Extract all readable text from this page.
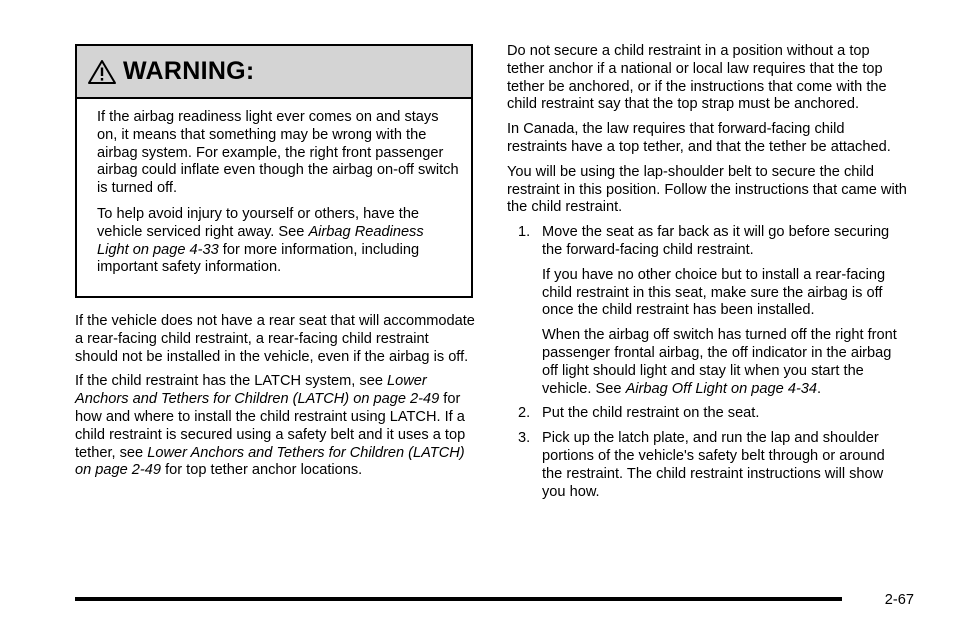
WARNING:

If the airbag readiness light ever comes on and stays on, it means that something may be wrong with the airbag system. For example, the right front passenger airbag could inflate even though the airbag on-off switch is turned off.

To help avoid injury to yourself or others, have the vehicle serviced right away. See Airbag Readiness Light on page 4-33 for more information, including important safety information.

If the vehicle does not have a rear seat that will accommodate a rear-facing child restraint, a rear-facing child restraint should not be installed in the vehicle, even if the airbag is off.

If the child restraint has the LATCH system, see Lower Anchors and Tethers for Children (LATCH) on page 2-49 for how and where to install the child restraint using LATCH. If a child restraint is secured using a safety belt and it uses a top tether, see Lower Anchors and Tethers for Children (LATCH) on page 2-49 for top tether anchor locations.

Do not secure a child restraint in a position without a top tether anchor if a national or local law requires that the top tether be anchored, or if the instructions that come with the child restraint say that the top strap must be anchored.

In Canada, the law requires that forward-facing child restraints have a top tether, and that the tether be attached.

You will be using the lap-shoulder belt to secure the child restraint in this position. Follow the instructions that came with the child restraint.

1. Move the seat as far back as it will go before securing the forward-facing child restraint.

If you have no other choice but to install a rear-facing child restraint in this seat, make sure the airbag is off once the child restraint has been installed.

When the airbag off switch has turned off the right front passenger frontal airbag, the off indicator in the airbag off light should light and stay lit when you start the vehicle. See Airbag Off Light on page 4-34.

2. Put the child restraint on the seat.

3. Pick up the latch plate, and run the lap and shoulder portions of the vehicle's safety belt through or around the restraint. The child restraint instructions will show you how.

2-67
